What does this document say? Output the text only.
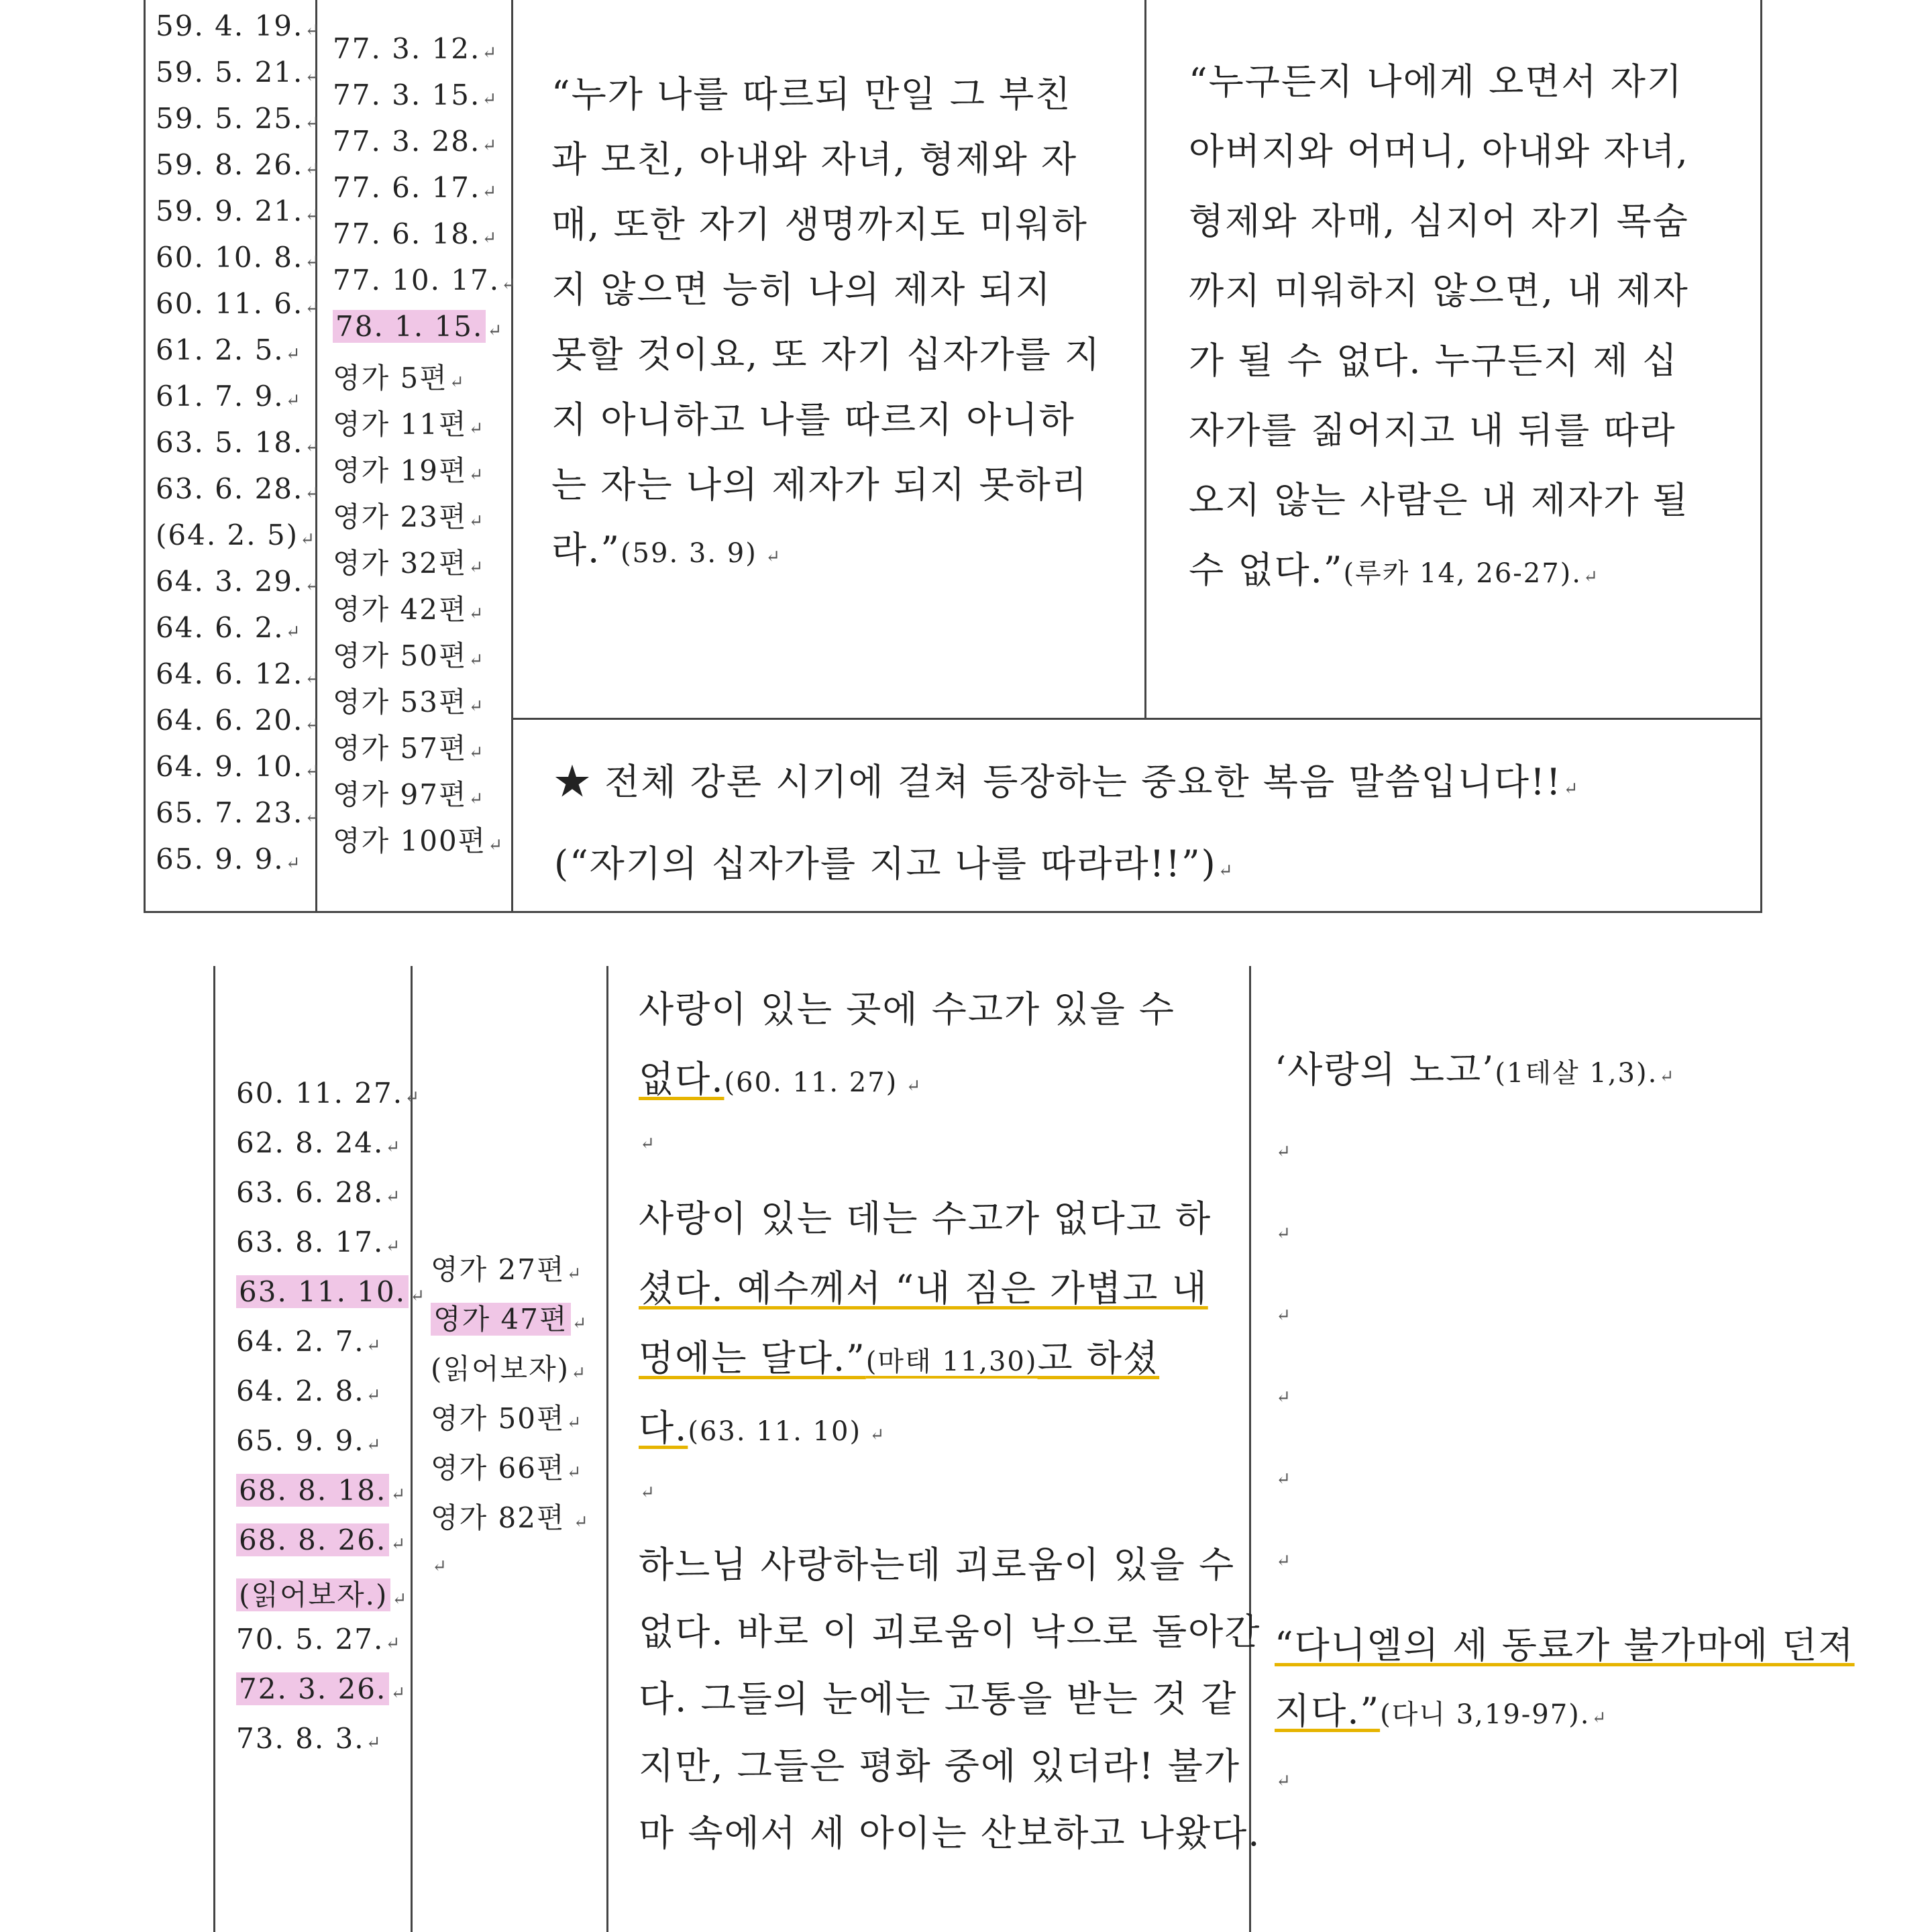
59. 4. 19.↵
59. 5. 21.↵
59. 5. 25.↵
59. 8. 26.↵
59. 9. 21.↵
60. 10. 8.↵
60. 11. 6.↵
61. 2. 5.↵
61. 7. 9.↵
63. 5. 18.↵
63. 6. 28.↵
(64. 2. 5)↵
64. 3. 29.↵
64. 6. 2.↵
64. 6. 12.↵
64. 6. 20.↵
64. 9. 10.↵
65. 7. 23.↵
65. 9. 9.↵
77. 3. 12.↵
77. 3. 15.↵
77. 3. 28.↵
77. 6. 17.↵
77. 6. 18.↵
77. 10. 17.↵
78. 1. 15. ↵
영가 5편↵
영가 11편↵
영가 19편↵
영가 23편↵
영가 32편↵
영가 42편↵
영가 50편↵
영가 53편↵
영가 57편↵
영가 97편↵
영가 100편↵
“누가 나를 따르되 만일 그 부친
과 모친, 아내와 자녀, 형제와 자
매, 또한 자기 생명까지도 미워하
지 않으면 능히 나의 제자 되지
못할 것이요, 또 자기 십자가를 지
지 아니하고 나를 따르지 아니하
는 자는 나의 제자가 되지 못하리
라.”(59. 3. 9) ↵
“누구든지 나에게 오면서 자기
아버지와 어머니, 아내와 자녀,
형제와 자매, 심지어 자기 목숨
까지 미워하지 않으면, 내 제자
가 될 수 없다. 누구든지 제 십
자가를 짊어지고 내 뒤를 따라
오지 않는 사람은 내 제자가 될
수 없다.”(루카 14, 26-27).↵
★ 전체 강론 시기에 걸쳐 등장하는 중요한 복음 말씀입니다!!↵
(“자기의 십자가를 지고 나를 따라라!!”)↵
60. 11. 27.↵
62. 8. 24.↵
63. 6. 28.↵
63. 8. 17.↵
63. 11. 10. ↵
64. 2. 7.↵
64. 2. 8.↵
65. 9. 9.↵
68. 8. 18. ↵
68. 8. 26. ↵
(읽어보자.) ↵
70. 5. 27.↵
72. 3. 26. ↵
73. 8. 3.↵
영가 27편↵
영가 47편 ↵
(읽어보자)↵
영가 50편↵
영가 66편↵
영가 82편 ↵
↵
사랑이 있는 곳에 수고가 있을 수
없다.(60. 11. 27) ↵
↵
사랑이 있는 데는 수고가 없다고 하
셨다. 예수께서 “내 짐은 가볍고 내
멍에는 달다.”(마태 11,30)고 하셨
다.(63. 11. 10) ↵
↵
하느님 사랑하는데 괴로움이 있을 수
없다. 바로 이 괴로움이 낙으로 돌아간
다. 그들의 눈에는 고통을 받는 것 같
지만, 그들은 평화 중에 있더라! 불가
마 속에서 세 아이는 산보하고 나왔다.
‘사랑의 노고’(1테살 1,3).↵
↵
↵
↵
↵
↵
↵
“다니엘의 세 동료가 불가마에 던져
지다.”(다니 3,19-97).↵
↵
